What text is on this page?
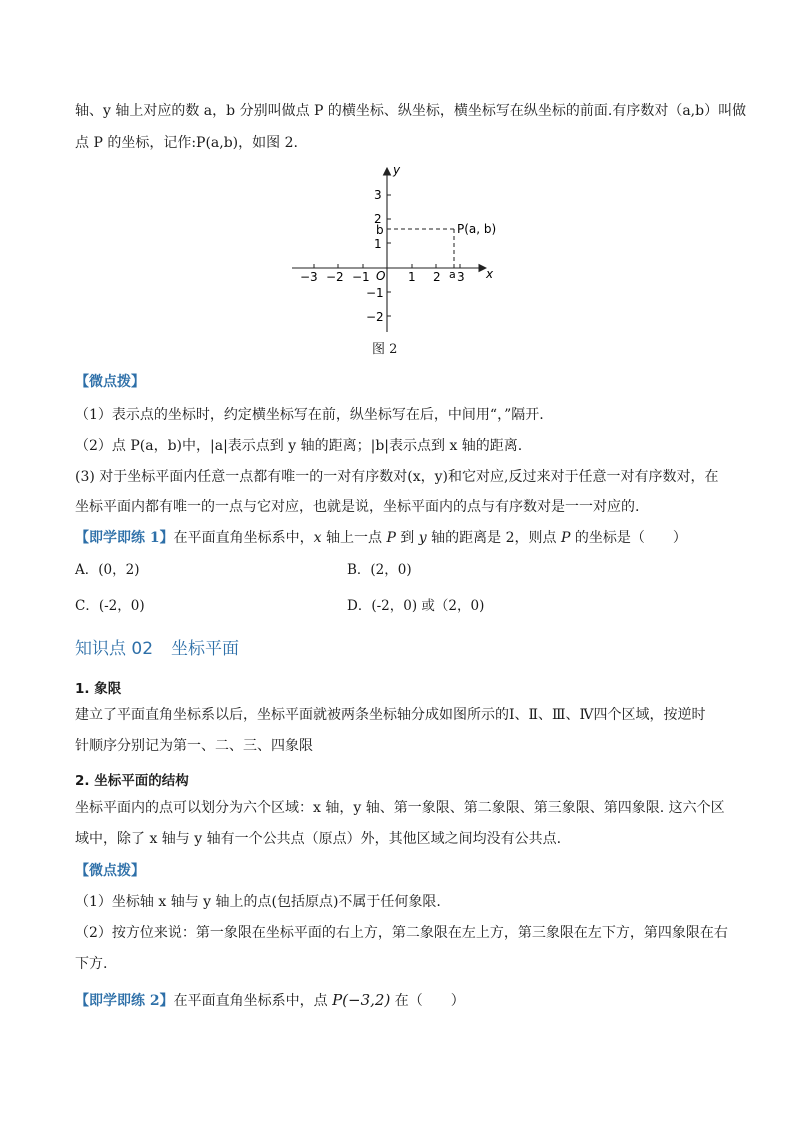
轴、y 轴上对应的数 a，b 分别叫做点 P 的横坐标、纵坐标，横坐标写在纵坐标的前面.有序数对（a,b）叫做
点 P 的坐标，记作:P(a,b)，如图 2.
x
y
O
−3 −2 −1	1 2 3
3
2
1
−1
−2
b
a
P(a, b)
图 2
【微点拨】
（1）表示点的坐标时，约定横坐标写在前，纵坐标写在后，中间用“，”隔开.
（2）点 P(a，b)中，|a|表示点到 y 轴的距离；|b|表示点到 x 轴的距离.
(3) 对于坐标平面内任意一点都有唯一的一对有序数对(x，y)和它对应,反过来对于任意一对有序数对，在
坐标平面内都有唯一的一点与它对应，也就是说，坐标平面内的点与有序数对是一一对应的.
【即学即练 1】在平面直角坐标系中，x 轴上一点 P 到 y 轴的距离是 2，则点 P 的坐标是（　　）
A．(0，2)	B．(2，0)
C．(-2，0)	D．(-2，0) 或（2，0)
知识点 02 坐标平面
1. 象限
建立了平面直角坐标系以后，坐标平面就被两条坐标轴分成如图所示的Ⅰ、Ⅱ、Ⅲ、Ⅳ四个区域，按逆时
针顺序分别记为第一、二、三、四象限
2. 坐标平面的结构
坐标平面内的点可以划分为六个区域：x 轴，y 轴、第一象限、第二象限、第三象限、第四象限. 这六个区
域中，除了 x 轴与 y 轴有一个公共点（原点）外，其他区域之间均没有公共点.
【微点拨】
（1）坐标轴 x 轴与 y 轴上的点(包括原点)不属于任何象限.
（2）按方位来说：第一象限在坐标平面的右上方，第二象限在左上方，第三象限在左下方，第四象限在右
下方.
【即学即练 2】在平面直角坐标系中，点 P(−3,2) 在（　　）
